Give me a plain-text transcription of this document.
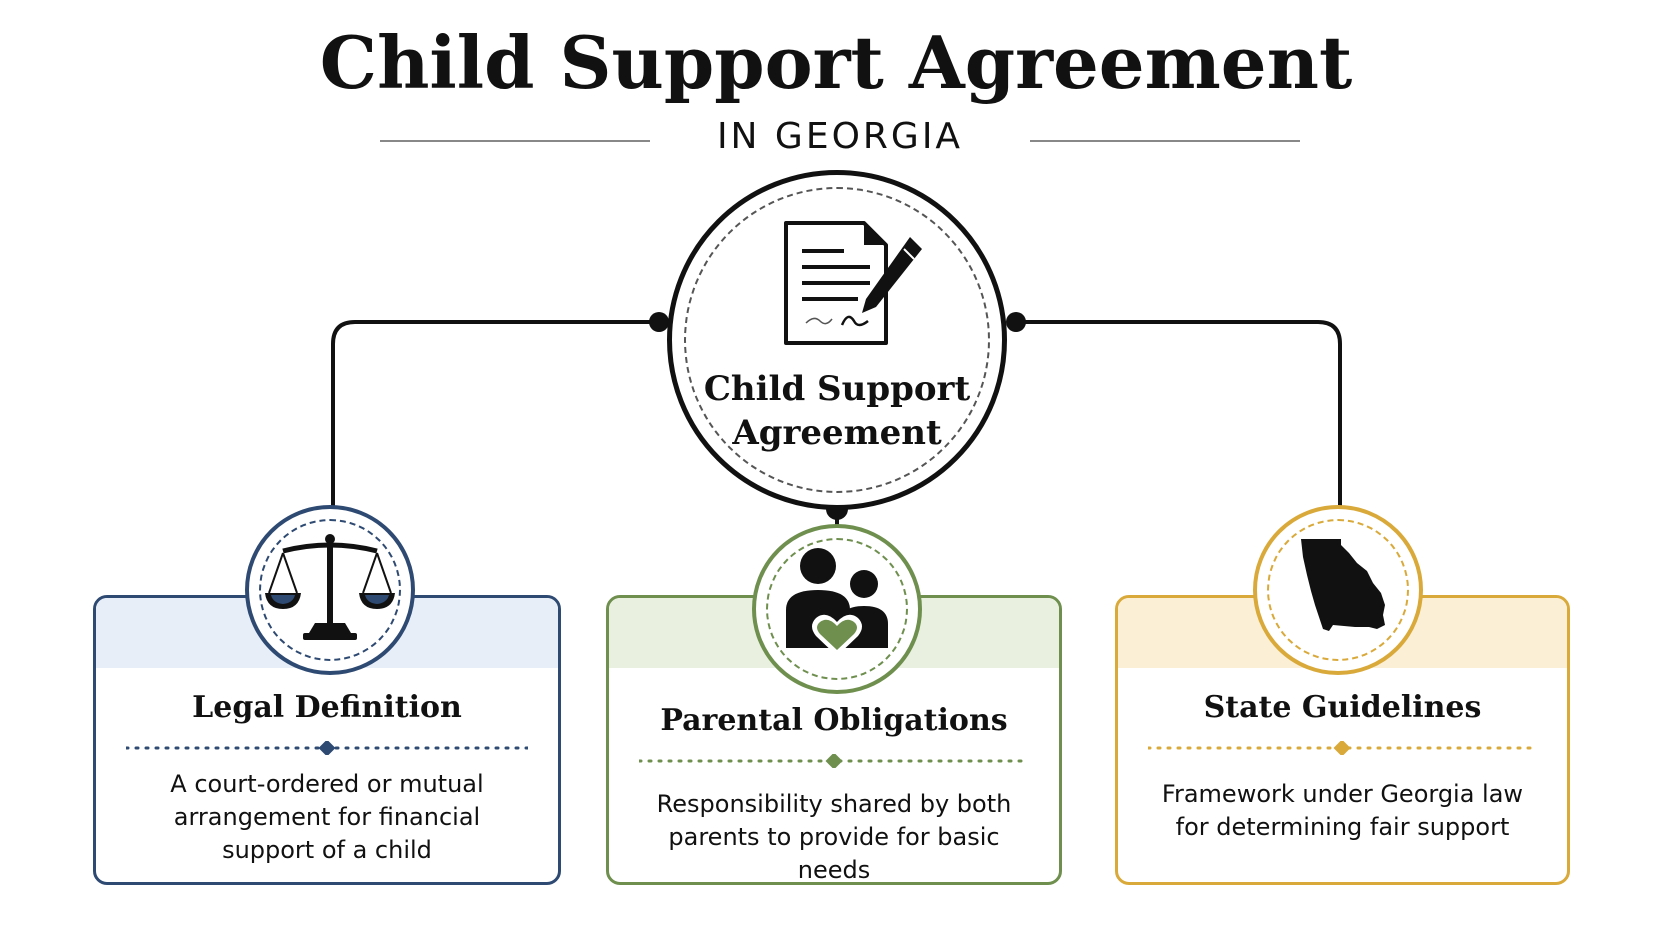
Child Support Agreement
IN GEORGIA
Legal Definition
A court-ordered or mutual
arrangement for financial
support of a child
Parental Obligations
Responsibility shared by both
parents to provide for basic needs
State Guidelines
Framework under Georgia law
for determining fair support
Child Support
Agreement
